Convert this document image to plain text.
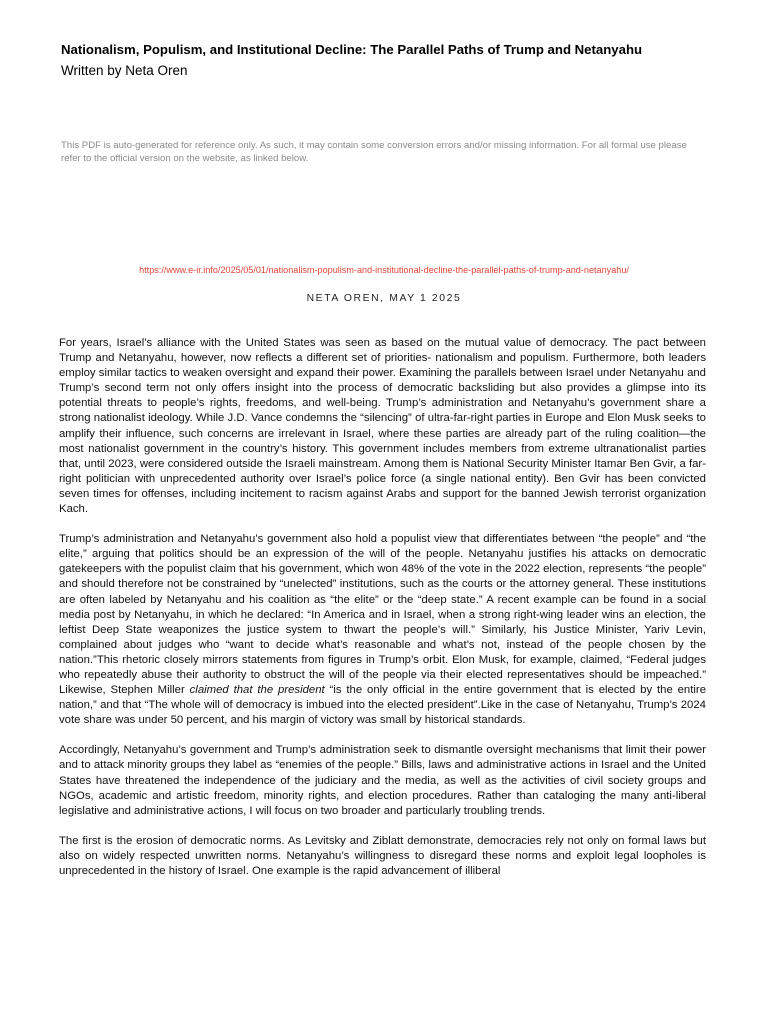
Nationalism, Populism, and Institutional Decline: The Parallel Paths of Trump and Netanyahu
Written by Neta Oren
This PDF is auto-generated for reference only. As such, it may contain some conversion errors and/or missing information. For all formal use please refer to the official version on the website, as linked below.
https://www.e-ir.info/2025/05/01/nationalism-populism-and-institutional-decline-the-parallel-paths-of-trump-and-netanyahu/
NETA OREN, MAY 1 2025

For years, Israel’s alliance with the United States was seen as based on the mutual value of democracy. The pact between Trump and Netanyahu, however, now reflects a different set of priorities- nationalism and populism. Furthermore, both leaders employ similar tactics to weaken oversight and expand their power. Examining the parallels between Israel under Netanyahu and Trump’s second term not only offers insight into the process of democratic backsliding but also provides a glimpse into its potential threats to people’s rights, freedoms, and well-being. Trump’s administration and Netanyahu’s government share a strong nationalist ideology. While J.D. Vance condemns the “silencing” of ultra-far-right parties in Europe and Elon Musk seeks to amplify their influence, such concerns are irrelevant in Israel, where these parties are already part of the ruling coalition—the most nationalist government in the country’s history. This government includes members from extreme ultranationalist parties that, until 2023, were considered outside the Israeli mainstream. Among them is National Security Minister Itamar Ben Gvir, a far-right politician with unprecedented authority over Israel’s police force (a single national entity). Ben Gvir has been convicted seven times for offenses, including incitement to racism against Arabs and support for the banned Jewish terrorist organization Kach.

Trump’s administration and Netanyahu’s government also hold a populist view that differentiates between “the people” and “the elite,” arguing that politics should be an expression of the will of the people. Netanyahu justifies his attacks on democratic gatekeepers with the populist claim that his government, which won 48% of the vote in the 2022 election, represents “the people” and should therefore not be constrained by “unelected” institutions, such as the courts or the attorney general. These institutions are often labeled by Netanyahu and his coalition as “the elite” or the “deep state.” A recent example can be found in a social media post by Netanyahu, in which he declared: “In America and in Israel, when a strong right-wing leader wins an election, the leftist Deep State weaponizes the justice system to thwart the people’s will.” Similarly, his Justice Minister, Yariv Levin, complained about judges who “want to decide what’s reasonable and what’s not, instead of the people chosen by the nation.”This rhetoric closely mirrors statements from figures in Trump’s orbit. Elon Musk, for example, claimed, “Federal judges who repeatedly abuse their authority to obstruct the will of the people via their elected representatives should be impeached.” Likewise, Stephen Miller claimed that the president “is the only official in the entire government that is elected by the entire nation,” and that “The whole will of democracy is imbued into the elected president”.Like in the case of Netanyahu, Trump’s 2024 vote share was under 50 percent, and his margin of victory was small by historical standards.

Accordingly, Netanyahu’s government and Trump’s administration seek to dismantle oversight mechanisms that limit their power and to attack minority groups they label as “enemies of the people.” Bills, laws and administrative actions in Israel and the United States have threatened the independence of the judiciary and the media, as well as the activities of civil society groups and NGOs, academic and artistic freedom, minority rights, and election procedures. Rather than cataloging the many anti-liberal legislative and administrative actions, I will focus on two broader and particularly troubling trends.

The first is the erosion of democratic norms. As Levitsky and Ziblatt demonstrate, democracies rely not only on formal laws but also on widely respected unwritten norms. Netanyahu’s willingness to disregard these norms and exploit legal loopholes is unprecedented in the history of Israel. One example is the rapid advancement of illiberal
